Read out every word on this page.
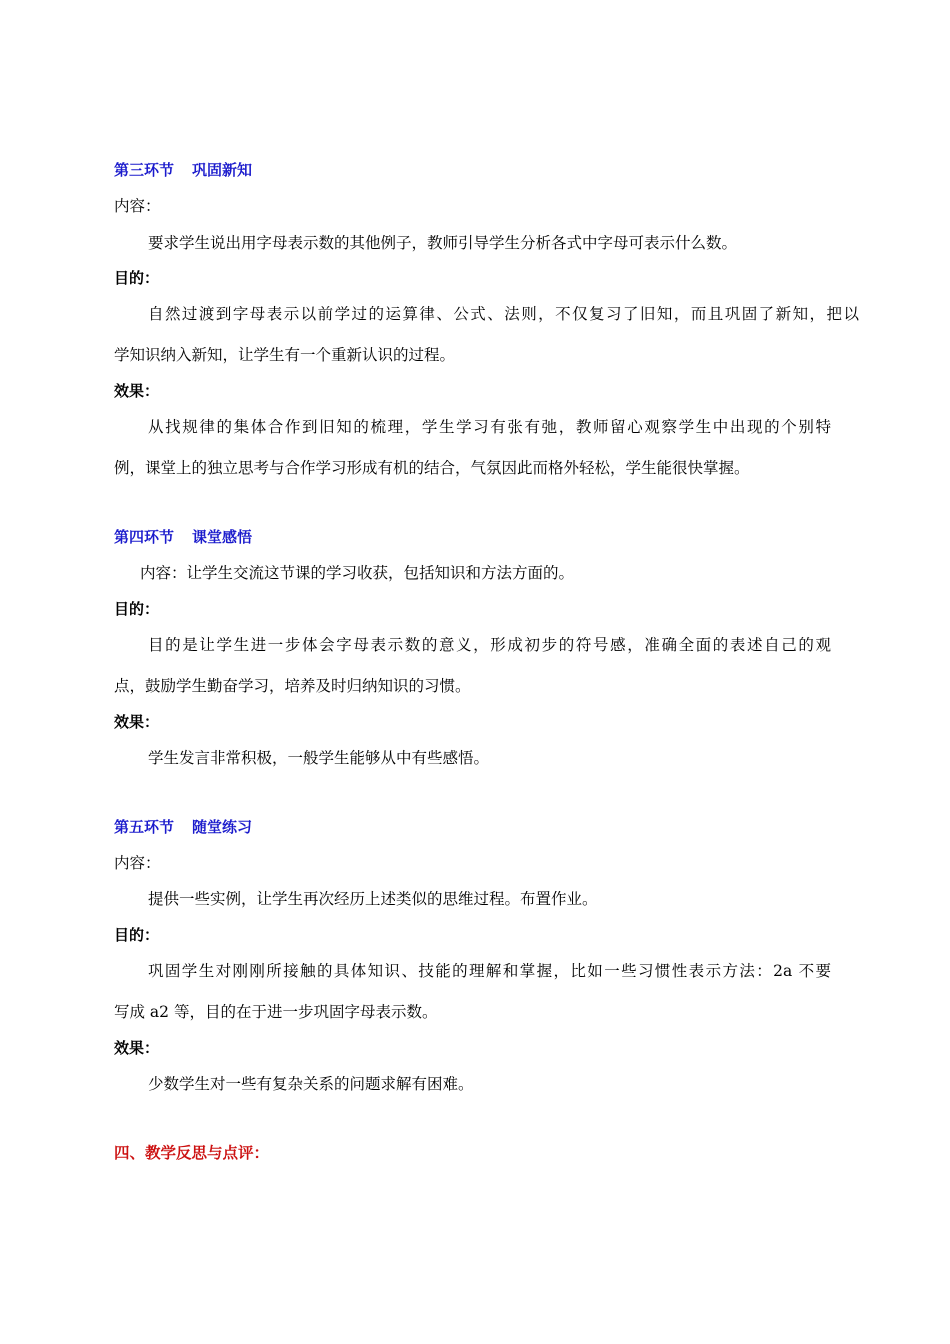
第三环节 巩固新知
内容：
要求学生说出用字母表示数的其他例子，教师引导学生分析各式中字母可表示什么数。
目的：
自然过渡到字母表示以前学过的运算律、公式、法则，不仅复习了旧知，而且巩固了新知，把以
学知识纳入新知，让学生有一个重新认识的过程。
效果：
从找规律的集体合作到旧知的梳理，学生学习有张有弛，教师留心观察学生中出现的个别特
例，课堂上的独立思考与合作学习形成有机的结合，气氛因此而格外轻松，学生能很快掌握。
第四环节 课堂感悟
内容：让学生交流这节课的学习收获，包括知识和方法方面的。
目的：
目的是让学生进一步体会字母表示数的意义，形成初步的符号感，准确全面的表述自己的观
点，鼓励学生勤奋学习，培养及时归纳知识的习惯。
效果：
学生发言非常积极，一般学生能够从中有些感悟。
第五环节 随堂练习
内容：
提供一些实例，让学生再次经历上述类似的思维过程。布置作业。
目的：
巩固学生对刚刚所接触的具体知识、技能的理解和掌握，比如一些习惯性表示方法：2a 不要
写成 a2 等，目的在于进一步巩固字母表示数。
效果：
少数学生对一些有复杂关系的问题求解有困难。
四、教学反思与点评：
